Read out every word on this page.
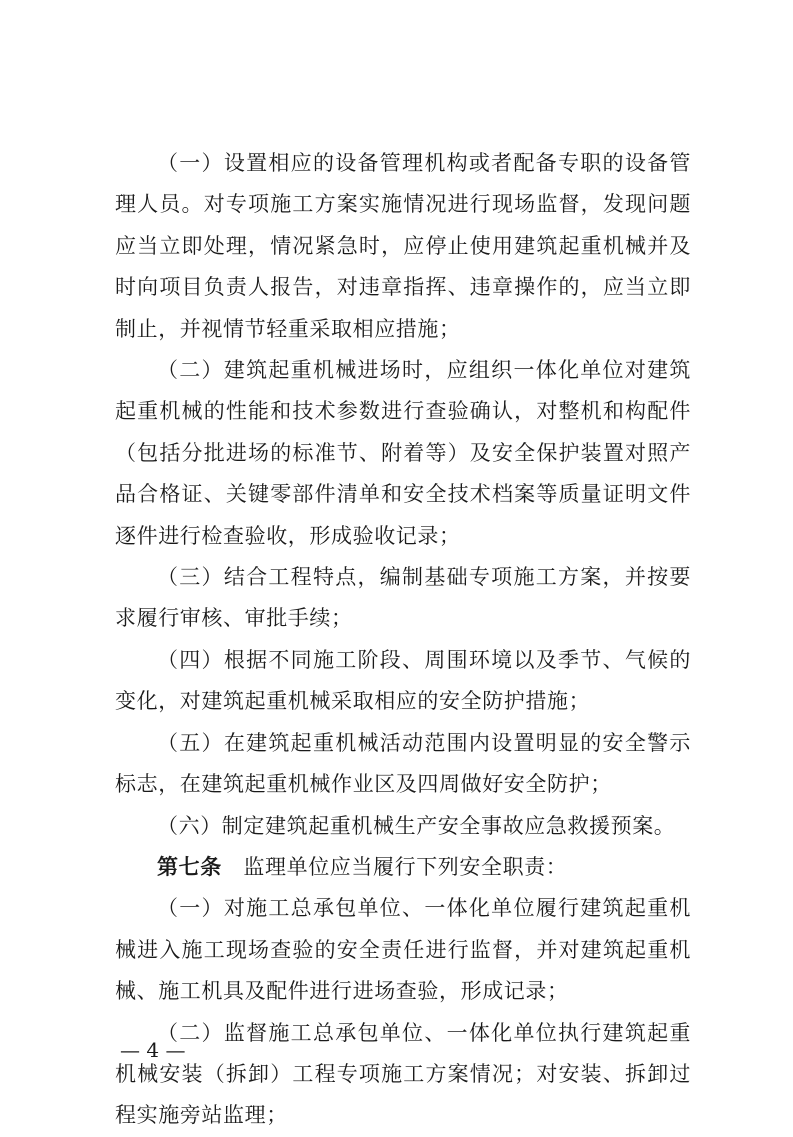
（一）设置相应的设备管理机构或者配备专职的设备管理人员。对专项施工方案实施情况进行现场监督，发现问题应当立即处理，情况紧急时，应停止使用建筑起重机械并及时向项目负责人报告，对违章指挥、违章操作的，应当立即制止，并视情节轻重采取相应措施；

（二）建筑起重机械进场时，应组织一体化单位对建筑起重机械的性能和技术参数进行查验确认，对整机和构配件（包括分批进场的标准节、附着等）及安全保护装置对照产品合格证、关键零部件清单和安全技术档案等质量证明文件逐件进行检查验收，形成验收记录；

（三）结合工程特点，编制基础专项施工方案，并按要求履行审核、审批手续；

（四）根据不同施工阶段、周围环境以及季节、气候的变化，对建筑起重机械采取相应的安全防护措施；

（五）在建筑起重机械活动范围内设置明显的安全警示标志，在建筑起重机械作业区及四周做好安全防护；

（六）制定建筑起重机械生产安全事故应急救援预案。

第七条　监理单位应当履行下列安全职责：

（一）对施工总承包单位、一体化单位履行建筑起重机械进入施工现场查验的安全责任进行监督，并对建筑起重机械、施工机具及配件进行进场查验，形成记录；

（二）监督施工总承包单位、一体化单位执行建筑起重机械安装（拆卸）工程专项施工方案情况；对安装、拆卸过程实施旁站监理；

— 4 —
